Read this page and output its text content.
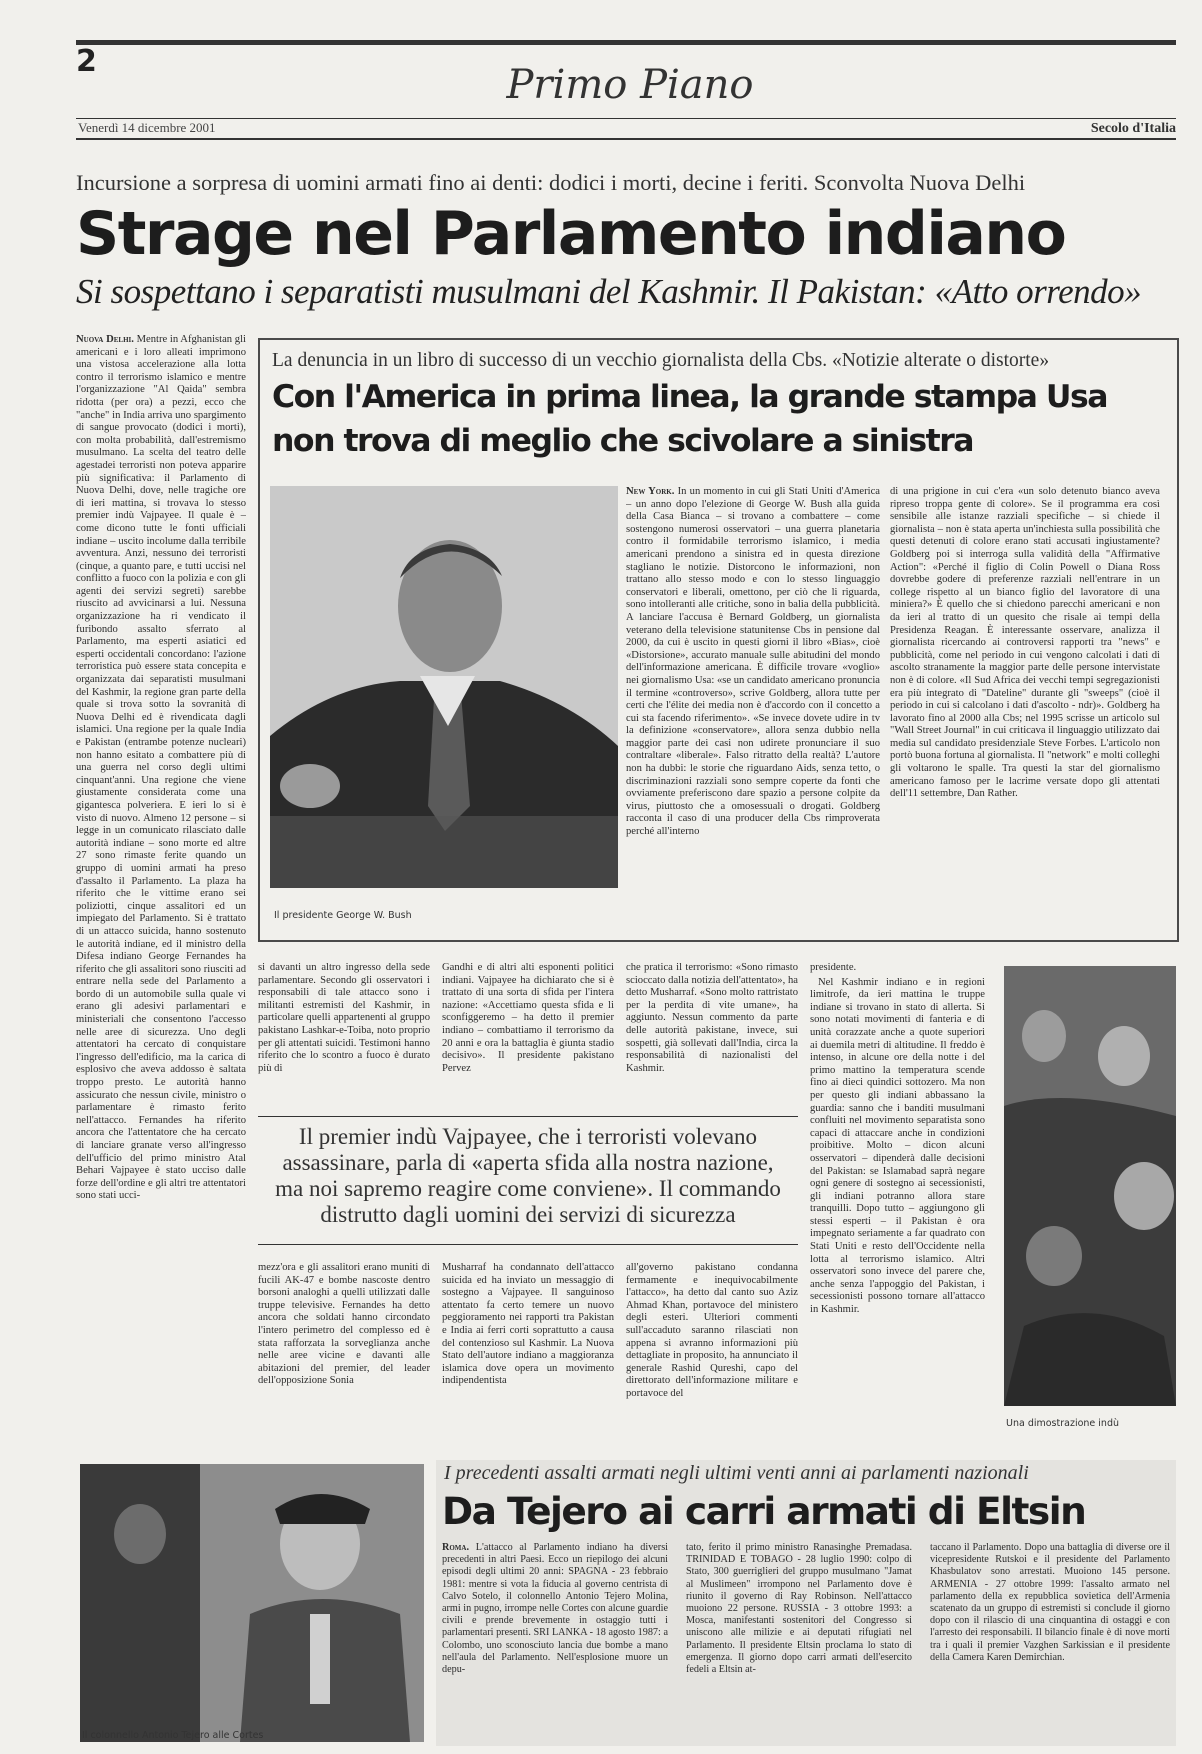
2
Primo Piano
Venerdì 14 dicembre 2001	Secolo d'Italia
Incursione a sorpresa di uomini armati fino ai denti: dodici i morti, decine i feriti. Sconvolta Nuova Delhi
Strage nel Parlamento indiano
Si sospettano i separatisti musulmani del Kashmir. Il Pakistan: «Atto orrendo»

Nuova Delhi. Mentre in Afghanistan gli americani e i loro alleati imprimono una vistosa accelerazione alla lotta contro il terrorismo islamico e mentre l'organizzazione "Al Qaida" sembra ridotta (per ora) a pezzi, ecco che "anche" in India arriva uno spargimento di sangue provocato (dodici i morti), con molta probabilità, dall'estremismo musulmano. La scelta del teatro delle agestadei terroristi non poteva apparire più significativa: il Parlamento di Nuova Delhi, dove, nelle tragiche ore di ieri mattina, si trovava lo stesso premier indù Vajpayee. Il quale è – come dicono tutte le fonti ufficiali indiane – uscito incolume dalla terribile avventura. Anzi, nessuno dei terroristi (cinque, a quanto pare, e tutti uccisi nel conflitto a fuoco con la polizia e con gli agenti dei servizi segreti) sarebbe riuscito ad avvicinarsi a lui. Nessuna organizzazione ha ri vendicato il furibondo assalto sferrato al Parlamento, ma esperti asiatici ed esperti occidentali concordano: l'azione terroristica può essere stata concepita e organizzata dai separatisti musulmani del Kashmir, la regione gran parte della quale si trova sotto la sovranità di Nuova Delhi ed è rivendicata dagli islamici. Una regione per la quale India e Pakistan (entrambe potenze nucleari) non hanno esitato a combattere più di una guerra nel corso degli ultimi cinquant'anni. Una regione che viene giustamente considerata come una gigantesca polveriera. E ieri lo si è visto di nuovo. Almeno 12 persone – si legge in un comunicato rilasciato dalle autorità indiane – sono morte ed altre 27 sono rimaste ferite quando un gruppo di uomini armati ha preso d'assalto il Parlamento. La plaza ha riferito che le vittime erano sei poliziotti, cinque assalitori ed un impiegato del Parlamento. Si è trattato di un attacco suicida, hanno sostenuto le autorità indiane, ed il ministro della Difesa indiano George Fernandes ha riferito che gli assalitori sono riusciti ad entrare nella sede del Parlamento a bordo di un automobile sulla quale vi erano gli adesivi parlamentari e ministeriali che consentono l'accesso nelle aree di sicurezza. Uno degli attentatori ha cercato di conquistare l'ingresso dell'edificio, ma la carica di esplosivo che aveva addosso è saltata troppo presto. Le autorità hanno assicurato che nessun civile, ministro o parlamentare è rimasto ferito nell'attacco. Fernandes ha riferito ancora che l'attentatore che ha cercato di lanciare granate verso all'ingresso dell'ufficio del primo ministro Atal Behari Vajpayee è stato ucciso dalle forze dell'ordine e gli altri tre attentatori sono stati ucci-

La denuncia in un libro di successo di un vecchio giornalista della Cbs. «Notizie alterate o distorte»
Con l'America in prima linea, la grande stampa Usa
non trova di meglio che scivolare a sinistra
Il presidente George W. Bush

New York. In un momento in cui gli Stati Uniti d'America – un anno dopo l'elezione di George W. Bush alla guida della Casa Bianca – si trovano a combattere – come sostengono numerosi osservatori – una guerra planetaria contro il formidabile terrorismo islamico, i media americani prendono a sinistra ed in questa direzione stagliano le notizie. Distorcono le informazioni, non trattano allo stesso modo e con lo stesso linguaggio conservatori e liberali, omettono, per ciò che li riguarda, sono intolleranti alle critiche, sono in balia della pubblicità. A lanciare l'accusa è Bernard Goldberg, un giornalista veterano della televisione statunitense Cbs in pensione dal 2000, da cui è uscito in questi giorni il libro «Bias», cioè «Distorsione», accurato manuale sulle abitudini del mondo dell'informazione americana. È difficile trovare «voglio» nei giornalismo Usa: «se un candidato americano pronuncia il termine «controverso», scrive Goldberg, allora tutte per certi che l'élite dei media non è d'accordo con il concetto a cui sta facendo riferimento». «Se invece dovete udire in tv la definizione «conservatore», allora senza dubbio nella maggior parte dei casi non udirete pronunciare il suo contraltare «liberale». Falso ritratto della realtà? L'autore non ha dubbi: le storie che riguardano Aids, senza tetto, o discriminazioni razziali sono sempre coperte da fonti che ovviamente preferiscono dare spazio a persone colpite da virus, piuttosto che a omosessuali o drogati. Goldberg racconta il caso di una producer della Cbs rimproverata perché all'interno

di una prigione in cui c'era «un solo detenuto bianco aveva ripreso troppa gente di colore». Se il programma era così sensibile alle istanze razziali specifiche – si chiede il giornalista – non è stata aperta un'inchiesta sulla possibilità che questi detenuti di colore erano stati accusati ingiustamente? Goldberg poi si interroga sulla validità della "Affirmative Action": «Perché il figlio di Colin Powell o Diana Ross dovrebbe godere di preferenze razziali nell'entrare in un college rispetto al un bianco figlio del lavoratore di una miniera?» È quello che si chiedono parecchi americani e non da ieri al tratto di un quesito che risale ai tempi della Presidenza Reagan. È interessante osservare, analizza il giornalista ricercando ai controversi rapporti tra "news" e pubblicità, come nel periodo in cui vengono calcolati i dati di ascolto stranamente la maggior parte delle persone intervistate non è di colore. «Il Sud Africa dei vecchi tempi segregazionisti era più integrato di "Dateline" durante gli "sweeps" (cioè il periodo in cui si calcolano i dati d'ascolto - ndr)». Goldberg ha lavorato fino al 2000 alla Cbs; nel 1995 scrisse un articolo sul "Wall Street Journal" in cui criticava il linguaggio utilizzato dai media sul candidato presidenziale Steve Forbes. L'articolo non portò buona fortuna al giornalista. Il "network" e molti colleghi gli voltarono le spalle. Tra questi la star del giornalismo americano famoso per le lacrime versate dopo gli attentati dell'11 settembre, Dan Rather.

si davanti un altro ingresso della sede parlamentare. Secondo gli osservatori i responsabili di tale attacco sono i militanti estremisti del Kashmir, in particolare quelli appartenenti al gruppo pakistano Lashkar-e-Toiba, noto proprio per gli attentati suicidi. Testimoni hanno riferito che lo scontro a fuoco è durato più di
Gandhi e di altri alti esponenti politici indiani. Vajpayee ha dichiarato che si è trattato di una sorta di sfida per l'intera nazione: «Accettiamo questa sfida e li sconfiggeremo – ha detto il premier indiano – combattiamo il terrorismo da 20 anni e ora la battaglia è giunta stadio decisivo». Il presidente pakistano Pervez
che pratica il terrorismo: «Sono rimasto scioccato dalla notizia dell'attentato», ha detto Musharraf. «Sono molto rattristato per la perdita di vite umane», ha aggiunto. Nessun commento da parte delle autorità pakistane, invece, sui sospetti, già sollevati dall'India, circa la responsabilità di nazionalisti del Kashmir.

presidente.

Nel Kashmir indiano e in regioni limitrofe, da ieri mattina le truppe indiane si trovano in stato di allerta. Si sono notati movimenti di fanteria e di unità corazzate anche a quote superiori ai duemila metri di altitudine. Il freddo è intenso, in alcune ore della notte i del primo mattino la temperatura scende fino ai dieci quindici sottozero. Ma non per questo gli indiani abbassano la guardia: sanno che i banditi musulmani confluiti nel movimento separatista sono capaci di attaccare anche in condizioni proibitive. Molto – dicon alcuni osservatori – dipenderà dalle decisioni del Pakistan: se Islamabad saprà negare ogni genere di sostegno ai secessionisti, gli indiani potranno allora stare tranquilli. Dopo tutto – aggiungono gli stessi esperti – il Pakistan è ora impegnato seriamente a far quadrato con Stati Uniti e resto dell'Occidente nella lotta al terrorismo islamico. Altri osservatori sono invece del parere che, anche senza l'appoggio del Pakistan, i secessionisti possono tornare all'attacco in Kashmir.

Il premier indù Vajpayee, che i terroristi volevano assassinare, parla di «aperta sfida alla nostra nazione, ma noi sapremo reagire come conviene». Il commando distrutto dagli uomini dei servizi di sicurezza
mezz'ora e gli assalitori erano muniti di fucili AK-47 e bombe nascoste dentro borsoni analoghi a quelli utilizzati dalle truppe televisive. Fernandes ha detto ancora che soldati hanno circondato l'intero perimetro del complesso ed è stata rafforzata la sorveglianza anche nelle aree vicine e davanti alle abitazioni del premier, del leader dell'opposizione Sonia
Musharraf ha condannato dell'attacco suicida ed ha inviato un messaggio di sostegno a Vajpayee. Il sanguinoso attentato fa certo temere un nuovo peggioramento nei rapporti tra Pakistan e India ai ferri corti soprattutto a causa del contenzioso sul Kashmir. La Nuova Stato dell'autore indiano a maggioranza islamica dove opera un movimento indipendentista
all'governo pakistano condanna fermamente e inequivocabilmente l'attacco», ha detto dal canto suo Aziz Ahmad Khan, portavoce del ministero degli esteri. Ulteriori commenti sull'accaduto saranno rilasciati non appena si avranno informazioni più dettagliate in proposito, ha annunciato il generale Rashid Qureshi, capo del direttorato dell'informazione militare e portavoce del
Una dimostrazione indù
Il colonnello Antonio Tejero alle Cortes
I precedenti assalti armati negli ultimi venti anni ai parlamenti nazionali
Da Tejero ai carri armati di Eltsin

Roma. L'attacco al Parlamento indiano ha diversi precedenti in altri Paesi. Ecco un riepilogo dei alcuni episodi degli ultimi 20 anni: SPAGNA - 23 febbraio 1981: mentre si vota la fiducia al governo centrista di Calvo Sotelo, il colonnello Antonio Tejero Molina, armi in pugno, irrompe nelle Cortes con alcune guardie civili e prende brevemente in ostaggio tutti i parlamentari presenti. SRI LANKA - 18 agosto 1987: a Colombo, uno sconosciuto lancia due bombe a mano nell'aula del Parlamento. Nell'esplosione muore un depu-

tato, ferito il primo ministro Ranasinghe Premadasa. TRINIDAD E TOBAGO - 28 luglio 1990: colpo di Stato, 300 guerriglieri del gruppo musulmano "Jamat al Muslimeen" irrompono nel Parlamento dove è riunito il governo di Ray Robinson. Nell'attacco muoiono 22 persone. RUSSIA - 3 ottobre 1993: a Mosca, manifestanti sostenitori del Congresso si uniscono alle milizie e ai deputati rifugiati nel Parlamento. Il presidente Eltsin proclama lo stato di emergenza. Il giorno dopo carri armati dell'esercito fedeli a Eltsin at-
taccano il Parlamento. Dopo una battaglia di diverse ore il vicepresidente Rutskoi e il presidente del Parlamento Khasbulatov sono arrestati. Muoiono 145 persone. ARMENIA - 27 ottobre 1999: l'assalto armato nel parlamento della ex repubblica sovietica dell'Armenia scatenato da un gruppo di estremisti si conclude il giorno dopo con il rilascio di una cinquantina di ostaggi e con l'arresto dei responsabili. Il bilancio finale è di nove morti tra i quali il premier Vazghen Sarkissian e il presidente della Camera Karen Demirchian.
